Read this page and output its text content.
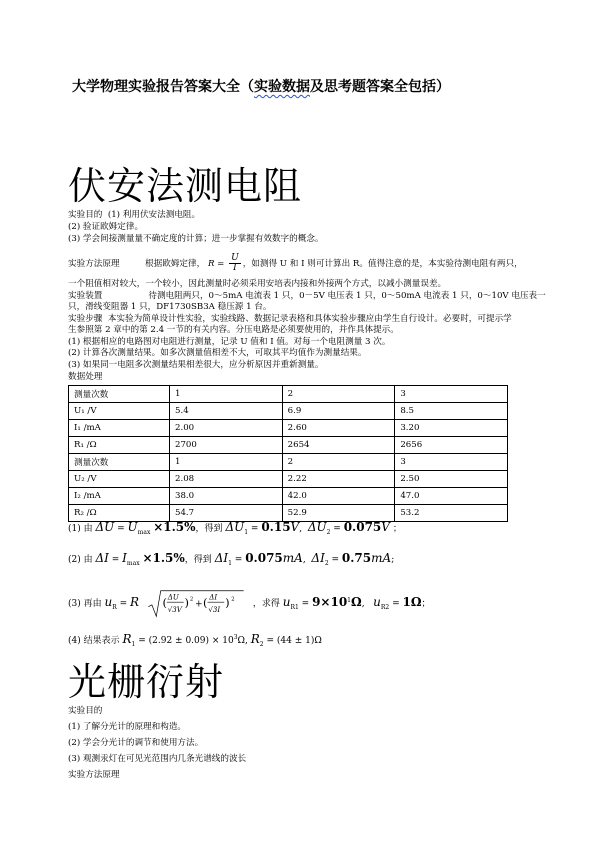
大学物理实验报告答案大全（实验数据及思考题答案全包括）
伏安法测电阻
实验目的 (1) 利用伏安法测电阻。
(2) 验证欧姆定律。
(3) 学会间接测量量不确定度的计算；进一步掌握有效数字的概念。
实验方法原理	根据欧姆定律， $R = \frac{U}{I}$ ，如测得 U 和 I 则可计算出 R。值得注意的是，本实验待测电阻有两只，
一个阻值相对较大，一个较小，因此测量时必须采用安培表内接和外接两个方式，以减小测量误差。
实验装置	待测电阻两只，0～5mA 电流表 1 只，0－5V 电压表 1 只，0～50mA 电流表 1 只，0～10V 电压表一
只，滑线变阻器 1 只，DF1730SB3A 稳压源 1 台。
实验步骤 本实验为简单设计性实验，实验线路、数据记录表格和具体实验步骤应由学生自行设计。必要时，可提示学
生参照第 2 章中的第 2.4 一节的有关内容。分压电路是必须要使用的，并作具体提示。
(1) 根据相应的电路图对电阻进行测量，记录 U 值和 I 值。对每一个电阻测量 3 次。
(2) 计算各次测量结果。如多次测量值相差不大，可取其平均值作为测量结果。
(3) 如果同一电阻多次测量结果相差很大，应分析原因并重新测量。
数据处理
测量次数	1	2	3
U₁ /V	5.4	6.9	8.5
I₁ /mA	2.00	2.60	3.20
R₁ /Ω	2700	2654	2656
测量次数	1	2	3
U₂ /V	2.08	2.22	2.50
I₂ /mA	38.0	42.0	47.0
R₂ /Ω	54.7	52.9	53.2
(1) 由 $\Delta U = U_{max} \times 1.5\%$，得到 $\Delta U_1 = 0.15V$,  $\Delta U_2 = 0.075V$ ；
(2) 由 $\Delta I = I_{max} \times 1.5\%$，得到 $\Delta I_1 = 0.075mA$,  $\Delta I_2 = 0.75mA$;
(3) 再由 $u_R = R$ ( ΔU
√3V ) 2
+ ( ΔI
√3I ) 2
，求得 $u_{R1} = 9\times 10^1\Omega$,   $u_{R2} = 1\Omega$；
(4) 结果表示 $R_1 = (2.92 \pm 0.09) \times 10^3\Omega$, $R_2 = (44 \pm 1)\Omega$
光栅衍射
实验目的
(1) 了解分光计的原理和构造。
(2) 学会分光计的调节和使用方法。
(3) 观测汞灯在可见光范围内几条光谱线的波长
实验方法原理
